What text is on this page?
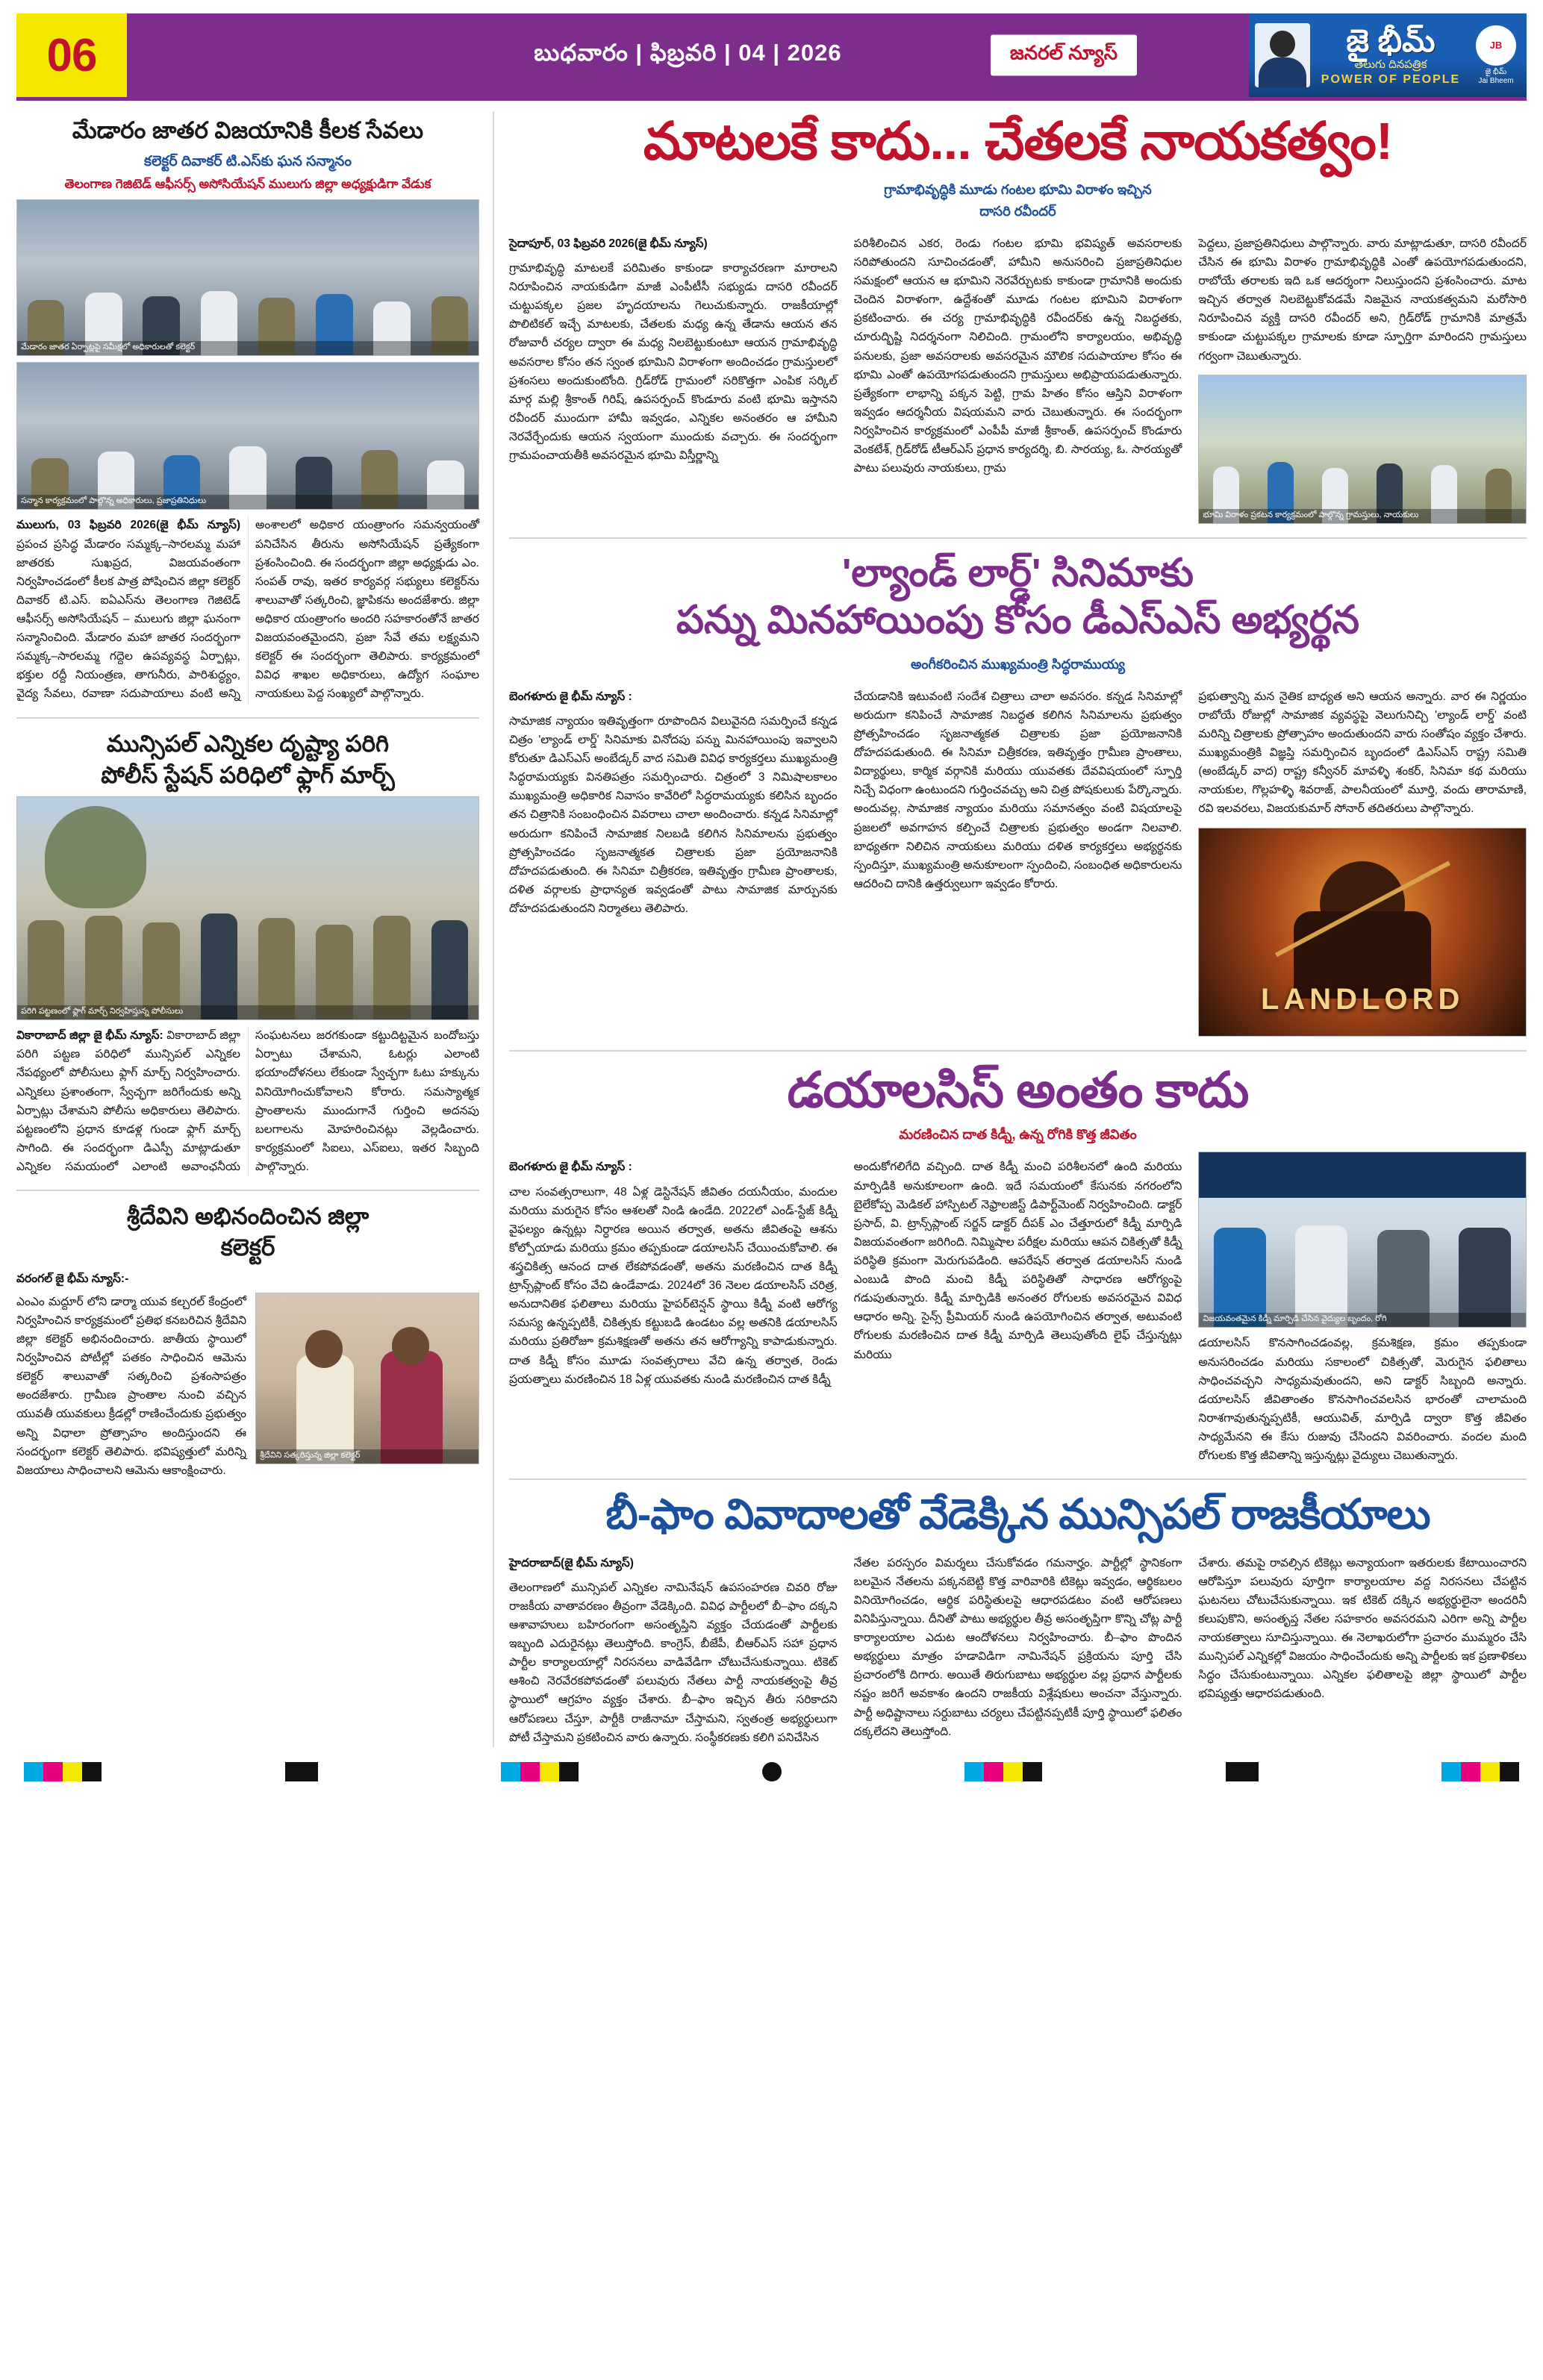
06	బుధవారం | ఫిబ్రవరి | 04 | 2026	జనరల్ న్యూస్	జై భీమ్
తెలుగు దినపత్రిక
POWER OF PEOPLE
JB
జై భీమ్
Jai Bheem
మేడారం జాతర విజయానికి కీలక సేవలు
కలెక్టర్ దివాకర్ టి.ఎస్‌కు ఘన సన్మానం
తెలంగాణ గెజిటెడ్ ఆఫీసర్స్ అసోసియేషన్ ములుగు జిల్లా అధ్యక్షుడిగా వేడుక
మేడారం జాతర ఏర్పాట్లపై సమీక్షలో అధికారులతో కలెక్టర్
సన్మాన కార్యక్రమంలో పాల్గొన్న అధికారులు, ప్రజాప్రతినిధులు
ములుగు, 03 ఫిబ్రవరి 2026(జై భీమ్ న్యూస్) ప్రపంచ ప్రసిద్ధ మేడారం సమ్మక్క–సారలమ్మ మహా జాతరకు సుఖప్రద, విజయవంతంగా నిర్వహించడంలో కీలక పాత్ర పోషించిన జిల్లా కలెక్టర్ దివాకర్ టి.ఎస్. ఐఏఎస్‌ను తెలంగాణ గెజిటెడ్ ఆఫీసర్స్ అసోసియేషన్ – ములుగు జిల్లా ఘనంగా సన్మానించింది. మేడారం మహా జాతర సందర్భంగా సమ్మక్క–సారలమ్మ గద్దెల ఉపవ్యవస్థ ఏర్పాట్లు, భక్తుల రద్దీ నియంత్రణ, తాగునీరు, పారిశుద్ధ్యం, వైద్య సేవలు, రవాణా సదుపాయాలు వంటి అన్ని అంశాలలో అధికార యంత్రాంగం సమన్వయంతో పనిచేసిన తీరును అసోసియేషన్ ప్రత్యేకంగా ప్రశంసించింది. ఈ సందర్భంగా జిల్లా అధ్యక్షుడు ఎం. సంపత్ రావు, ఇతర కార్యవర్గ సభ్యులు కలెక్టర్‌ను శాలువాతో సత్కరించి, జ్ఞాపికను అందజేశారు. జిల్లా అధికార యంత్రాంగం అందరి సహకారంతోనే జాతర విజయవంతమైందని, ప్రజా సేవే తమ లక్ష్యమని కలెక్టర్ ఈ సందర్భంగా తెలిపారు. కార్యక్రమంలో వివిధ శాఖల అధికారులు, ఉద్యోగ సంఘాల నాయకులు పెద్ద సంఖ్యలో పాల్గొన్నారు.
మున్సిపల్ ఎన్నికల దృష్ట్యా పరిగి
పోలీస్ స్టేషన్ పరిధిలో ఫ్లాగ్ మార్చ్
పరిగి పట్టణంలో ఫ్లాగ్ మార్చ్ నిర్వహిస్తున్న పోలీసులు
వికారాబాద్ జిల్లా జై భీమ్ న్యూస్: వికారాబాద్ జిల్లా పరిగి పట్టణ పరిధిలో మున్సిపల్ ఎన్నికల నేపథ్యంలో పోలీసులు ఫ్లాగ్ మార్చ్ నిర్వహించారు. ఎన్నికలు ప్రశాంతంగా, స్వేచ్ఛగా జరిగేందుకు అన్ని ఏర్పాట్లు చేశామని పోలీసు అధికారులు తెలిపారు. పట్టణంలోని ప్రధాన కూడళ్ల గుండా ఫ్లాగ్ మార్చ్ సాగింది. ఈ సందర్భంగా డిఎస్పీ మాట్లాడుతూ ఎన్నికల సమయంలో ఎలాంటి అవాంఛనీయ సంఘటనలు జరగకుండా కట్టుదిట్టమైన బందోబస్తు ఏర్పాటు చేశామని, ఓటర్లు ఎలాంటి భయాందోళనలు లేకుండా స్వేచ్ఛగా ఓటు హక్కును వినియోగించుకోవాలని కోరారు. సమస్యాత్మక ప్రాంతాలను ముందుగానే గుర్తించి అదనపు బలగాలను మోహరించినట్లు వెల్లడించారు. కార్యక్రమంలో సిఐలు, ఎస్‌ఐలు, ఇతర సిబ్బంది పాల్గొన్నారు.
శ్రీదేవిని అభినందించిన జిల్లా
కలెక్టర్
వరంగల్ జై భీమ్ న్యూస్:-
ఎంఎం మద్దూర్ లోని డార్మా యువ కల్చరల్ కేంద్రంలో నిర్వహించిన కార్యక్రమంలో ప్రతిభ కనబరిచిన శ్రీదేవిని జిల్లా కలెక్టర్ అభినందించారు. జాతీయ స్థాయిలో నిర్వహించిన పోటీల్లో పతకం సాధించిన ఆమెను కలెక్టర్ శాలువాతో సత్కరించి ప్రశంసాపత్రం అందజేశారు. గ్రామీణ ప్రాంతాల నుంచి వచ్చిన యువతీ యువకులు క్రీడల్లో రాణించేందుకు ప్రభుత్వం అన్ని విధాలా ప్రోత్సాహం అందిస్తుందని ఈ సందర్భంగా కలెక్టర్ తెలిపారు. భవిష్యత్తులో మరిన్ని విజయాలు సాధించాలని ఆమెను ఆకాంక్షించారు.
శ్రీదేవిని సత్కరిస్తున్న జిల్లా కలెక్టర్
మాటలకే కాదు... చేతలకే నాయకత్వం!
గ్రామాభివృద్ధికి మూడు గంటల భూమి విరాళం ఇచ్చిన
దాసరి రవీందర్
సైదాపూర్, 03 ఫిబ్రవరి 2026(జై భీమ్ న్యూస్)
గ్రామాభివృద్ధి మాటలకే పరిమితం కాకుండా కార్యాచరణగా మారాలని నిరూపించిన నాయకుడిగా మాజీ ఎంపీటీసీ సభ్యుడు దాసరి రవీందర్ చుట్టుపక్కల ప్రజల హృదయాలను గెలుచుకున్నారు. రాజకీయాల్లో పొలిటికల్ ఇచ్చే మాటలకు, చేతలకు మధ్య ఉన్న తేడాను ఆయన తన రోజువారీ చర్యల ద్వారా ఈ మధ్య నిలబెట్టుకుంటూ ఆయన గ్రామాభివృద్ధి అవసరాల కోసం తన స్వంత భూమిని విరాళంగా అందించడం గ్రామస్తులలో ప్రశంసలు అందుకుంటోంది. గ్రిడ్‌రోడ్ గ్రామంలో సరికొత్తగా ఎంపిక సర్కిల్ మార్గ మల్లి శ్రీకాంత్ గిరిష్, ఉపసర్పంచ్ కొండూరు వంటి భూమి ఇస్తానని రవీందర్ ముందుగా హామీ ఇవ్వడం, ఎన్నికల అనంతరం ఆ హామీని నెరవేర్చేందుకు ఆయన స్వయంగా ముందుకు వచ్చారు. ఈ సందర్భంగా గ్రామపంచాయతీకి అవసరమైన భూమి విస్తీర్ణాన్ని
పరిశీలించిన ఎకర, రెండు గంటల భూమి భవిష్యత్ అవసరాలకు సరిపోతుందని సూచించడంతో, హామీని అనుసరించి ప్రజాప్రతినిధుల సమక్షంలో ఆయన ఆ భూమిని నెరవేర్చుటకు కాకుండా గ్రామానికి అందుకు చెందిన విరాళంగా, ఉద్దేశంతో మూడు గంటల భూమిని విరాళంగా ప్రకటించారు. ఈ చర్య గ్రామాభివృద్ధికి రవీందర్‌కు ఉన్న నిబద్ధతకు, చూరుద్భిష్టి నిదర్శనంగా నిలిచింది. గ్రామంలోని కార్యాలయం, అభివృద్ధి పనులకు, ప్రజా అవసరాలకు అవసరమైన మౌలిక సదుపాయాల కోసం ఈ భూమి ఎంతో ఉపయోగపడుతుందని గ్రామస్తులు అభిప్రాయపడుతున్నారు. ప్రత్యేకంగా లాభాన్ని పక్కన పెట్టి, గ్రామ హితం కోసం ఆస్తిని విరాళంగా ఇవ్వడం ఆదర్శనీయ విషయమని వారు చెబుతున్నారు. ఈ సందర్భంగా నిర్వహించిన కార్యక్రమంలో ఎంపీపీ మాజీ శ్రీకాంత్, ఉపసర్పంచ్ కొండూరు వెంకటేశ్, గ్రిడ్‌రోడ్ టీఆర్ఎస్ ప్రధాన కార్యదర్శి, బి. సారయ్య, ఓ. సారయ్యతో పాటు పలువురు నాయకులు, గ్రామ
పెద్దలు, ప్రజాప్రతినిధులు పాల్గొన్నారు. వారు మాట్లాడుతూ, దాసరి రవీందర్ చేసిన ఈ భూమి విరాళం గ్రామాభివృద్ధికి ఎంతో ఉపయోగపడుతుందని, రాబోయే తరాలకు ఇది ఒక ఆదర్శంగా నిలుస్తుందని ప్రశంసించారు. మాట ఇచ్చిన తర్వాత నిలబెట్టుకోవడమే నిజమైన నాయకత్వమని మరోసారి నిరూపించిన వ్యక్తి దాసరి రవీందర్ అని, గ్రిడ్‌రోడ్ గ్రామానికి మాత్రమే కాకుండా చుట్టుపక్కల గ్రామాలకు కూడా స్ఫూర్తిగా మారిందని గ్రామస్తులు గర్వంగా చెబుతున్నారు.
భూమి విరాళం ప్రకటన కార్యక్రమంలో పాల్గొన్న గ్రామస్తులు, నాయకులు
'ల్యాండ్ లార్డ్' సినిమాకు
పన్ను మినహాయింపు కోసం డీఎస్ఎస్ అభ్యర్థన
అంగీకరించిన ముఖ్యమంత్రి సిద్ధరాముయ్య
బెంగళూరు జై భీమ్ న్యూస్ :
సామాజిక న్యాయం ఇతివృత్తంగా రూపొందిన విలువైనది సమర్పించే కన్నడ చిత్రం 'ల్యాండ్ లార్డ్' సినిమాకు వినోదపు పన్ను మినహాయింపు ఇవ్వాలని కోరుతూ డిఎస్ఎస్ అంబేడ్కర్ వాద సమితి వివిధ కార్యకర్తలు ముఖ్యమంత్రి సిద్ధరామయ్యకు వినతిపత్రం సమర్పించారు. చిత్రంలో 3 నిమిషాలకాలం ముఖ్యమంత్రి అధికారిక నివాసం కావేరిలో సిద్ధరామయ్యకు కలిసిన బృందం తన చిత్రానికి సంబంధించిన వివరాలు చాలా అందించారు. కన్నడ సినిమాల్లో అరుదుగా కనిపించే సామాజిక నిలబడి కలిగిన సినిమాలను ప్రభుత్వం ప్రోత్సహించడం సృజనాత్మకత చిత్రాలకు ప్రజా ప్రయోజనానికి దోహదపడుతుంది. ఈ సినిమా చిత్రీకరణ, ఇతివృత్తం గ్రామీణ ప్రాంతాలకు, దళిత వర్గాలకు ప్రాధాన్యత ఇవ్వడంతో పాటు సామాజిక మార్పునకు దోహదపడుతుందని నిర్మాతలు తెలిపారు.
చేయడానికి ఇటువంటి సందేశ చిత్రాలు చాలా అవసరం. కన్నడ సినిమాల్లో అరుదుగా కనిపించే సామాజిక నిబద్ధత కలిగిన సినిమాలను ప్రభుత్వం ప్రోత్సహించడం సృజనాత్మకత చిత్రాలకు ప్రజా ప్రయోజనానికి దోహదపడుతుంది. ఈ సినిమా చిత్రీకరణ, ఇతివృత్తం గ్రామీణ ప్రాంతాలు, విద్యార్థులు, కార్మిక వర్గానికి మరియు యువతకు దేవవిషయంలో స్ఫూర్తి నిచ్చే విధంగా ఉంటుందని గుర్తించవచ్చు అని చిత్ర పోషకులుకు పేర్కొన్నారు. అందువల్ల, సామాజిక న్యాయం మరియు సమానత్వం వంటి విషయాలపై ప్రజలలో అవగాహన కల్పించే చిత్రాలకు ప్రభుత్వం అండగా నిలవాలి. బాధ్యతగా నిలిచిన నాయకులు మరియు దళిత కార్యకర్తలు అభ్యర్థనకు స్పందిస్తూ, ముఖ్యమంత్రి అనుకూలంగా స్పందించి, సంబంధిత అధికారులను ఆదరించి దానికి ఉత్తర్వులుగా ఇవ్వడం కోరారు.
ప్రభుత్వాన్ని మన నైతిక బాధ్యత అని ఆయన అన్నారు. వార ఈ నిర్ణయం రాబోయే రోజుల్లో సామాజిక వ్యవస్థపై వెలుగునిచ్చి 'ల్యాండ్ లార్డ్' వంటి మరిన్ని చిత్రాలకు ప్రోత్సాహం అందుతుందని వారు సంతోషం వ్యక్తం చేశారు. ముఖ్యమంత్రికి విజ్ఞప్తి సమర్పించిన బృందంలో డిఎస్ఎస్ రాష్ట్ర సమితి (అంబేడ్కర్ వాద) రాష్ట్ర కన్వీనర్ మావళ్ళి శంకర్, సినిమా కథ మరియు నాయకుల, గొల్లహళ్ళి శివరాజ్, పాలనీయంలో మూర్తి, వందు తారామాణి, రవి ఇలవరలు, విజయకుమార్ సోనార్ తదితరులు పాల్గొన్నారు.
LANDLORD
డయాలసిస్ అంతం కాదు
మరణించిన దాత కిడ్నీ, ఉన్న రోగికి కొత్త జీవితం
బెంగళూరు జై భీమ్ న్యూస్ :
చాల సంవత్సరాలుగా, 48 ఏళ్ల డెస్టినేషన్ జీవితం దయనీయం, మందుల మరియు మరుగైన కోసం ఆశలతో నిండి ఉండేది. 2022లో ఎండ్-స్టేజ్ కిడ్నీ వైఫల్యం ఉన్నట్లు నిర్ధారణ అయిన తర్వాత, అతను జీవితంపై ఆశను కోల్పోయాడు మరియు క్రమం తప్పకుండా డయాలసిస్ చేయించుకోవాలి. ఈ శస్త్రచికిత్స ఆనంద దాత లేకపోవడంతో, అతను మరణించిన దాత కిడ్నీ ట్రాన్స్‌ప్లాంట్ కోసం వేచి ఉండేవాడు. 2024లో 36 నెలల డయాలసిస్ చరిత్ర, అనుదానితిక ఫలితాలు మరియు హైపర్‌టెన్షన్ స్థాయి కిడ్నీ వంటి ఆరోగ్య సమస్య ఉన్నప్పటికీ, చికిత్సకు కట్టుబడి ఉండటం వల్ల అతనికి డయాలసిస్ మరియు ప్రతిరోజూ క్రమశిక్షణతో అతను తన ఆరోగ్యాన్ని కాపాడుకున్నారు. దాత కిడ్నీ కోసం మూడు సంవత్సరాలు వేచి ఉన్న తర్వాత, రెండు ప్రయత్నాలు మరణించిన 18 ఏళ్ల యువతకు నుండి మరణించిన దాత కిడ్నీ
అందుకోగలిగేది వచ్చింది. దాత కిడ్నీ మంచి పరిశీలనలో ఉంది మరియు మార్పిడికి అనుకూలంగా ఉంది. ఇదే సమయంలో కేసునకు నగరంలోని బైలేకోప్ప మెడికల్ హాస్పిటల్ నెఫ్రాలజిస్ట్ డిపార్ట్‌మెంట్ నిర్వహించింది. డాక్టర్ ప్రసాద్, వి. ట్రాన్స్‌ప్లాంట్ సర్జన్ డాక్టర్ దీపక్ ఎం చేత్తూరులో కిడ్నీ మార్పిడి విజయవంతంగా జరిగింది. నిమ్మిషాల పరీక్షల మరియు ఆపన చికిత్సతో కిడ్నీ పరిస్థితి క్రమంగా మెరుగుపడింది. ఆపరేషన్ తర్వాత డయాలసిస్ నుండి ఎంబుడి పొంది మంచి కిడ్నీ పరిస్థితితో సాధారణ ఆరోగ్యంపై గడుపుతున్నారు. కిడ్నీ మార్పిడికి అనంతర రోగులకు అవసరమైన వివిధ ఆధారం అన్ని. సైన్స్ ప్రీమియర్ నుండి ఉపయోగించిన తర్వాత, అటువంటి రోగులకు మరణించిన దాత కిడ్నీ మార్పిడి తెలుపుతోంది లైఫ్ చేస్తున్నట్లు మరియు
విజయవంతమైన కిడ్నీ మార్పిడి చేసిన వైద్యుల బృందం, రోగి
డయాలసిస్ కొనసాగించడంవల్ల, క్రమశిక్షణ, క్రమం తప్పకుండా అనుసరించడం మరియు సకాలంలో చికిత్సతో, మెరుగైన ఫలితాలు సాధించవచ్చని సాధ్యమవుతుందని, అని డాక్టర్ సిబ్బంది అన్నారు. డయాలసిస్ జీవితాంతం కొనసాగించవలసిన భారంతో చాలామంది నిరాశగావుతున్నప్పటికీ, ఆయువిత్, మార్పిడి ద్వారా కొత్త జీవితం సాధ్యమేనని ఈ కేసు రుజువు చేసిందని వివరించారు. వందల మంది రోగులకు కొత్త జీవితాన్ని ఇస్తున్నట్లు వైద్యులు చెబుతున్నారు.
బీ-ఫాం వివాదాలతో వేడెక్కిన మున్సిపల్ రాజకీయాలు
హైదరాబాద్(జై భీమ్ న్యూస్)
తెలంగాణలో మున్సిపల్ ఎన్నికల నామినేషన్ ఉపసంహరణ చివరి రోజు రాజకీయ వాతావరణం తీవ్రంగా వేడెక్కింది. వివిధ పార్టీలలో బీ–ఫాం దక్కని ఆశావాహులు బహిరంగంగా అసంతృప్తిని వ్యక్తం చేయడంతో పార్టీలకు ఇబ్బంది ఎదురైనట్లు తెలుస్తోంది. కాంగ్రెస్, బీజేపీ, బీఆర్ఎస్ సహా ప్రధాన పార్టీల కార్యాలయాల్లో నిరసనలు వాడివేడిగా చోటుచేసుకున్నాయి. టికెట్ ఆశించి నెరవేరకపోవడంతో పలువురు నేతలు పార్టీ నాయకత్వంపై తీవ్ర స్థాయిలో ఆగ్రహం వ్యక్తం చేశారు. బీ–ఫాం ఇచ్చిన తీరు సరికాదని ఆరోపణలు చేస్తూ, పార్టీకి రాజీనామా చేస్తామని, స్వతంత్ర అభ్యర్థులుగా పోటీ చేస్తామని ప్రకటించిన వారు ఉన్నారు. సంస్థీకరణకు కలిగి పనిచేసిన
నేతల పరస్పరం విమర్శలు చేసుకోవడం గమనార్హం. పార్టీల్లో స్థానికంగా బలమైన నేతలను పక్కనబెట్టి కొత్త వారివారికి టికెట్లు ఇవ్వడం, ఆర్థికబలం వినియోగించడం, ఆర్థిక పరిస్థితులపై ఆధారపడటం వంటి ఆరోపణలు వినిపిస్తున్నాయి. దీనితో పాటు అభ్యర్థుల తీవ్ర అసంతృప్తిగా కొన్ని చోట్ల పార్టీ కార్యాలయాల ఎదుట ఆందోళనలు నిర్వహించారు. బీ–ఫాం పొందిన అభ్యర్థులు మాత్రం హడావిడిగా నామినేషన్ ప్రక్రియను పూర్తి చేసి ప్రచారంలోకి దిగారు. అయితే తిరుగుబాటు అభ్యర్థుల వల్ల ప్రధాన పార్టీలకు నష్టం జరిగే అవకాశం ఉందని రాజకీయ విశ్లేషకులు అంచనా వేస్తున్నారు. పార్టీ అధిష్టానాలు సర్దుబాటు చర్యలు చేపట్టినప్పటికీ పూర్తి స్థాయిలో ఫలితం దక్కలేదని తెలుస్తోంది.
చేశారు. తమపై రావల్సిన టికెట్లు అన్యాయంగా ఇతరులకు కేటాయించారని ఆరోపిస్తూ పలువురు పూర్తిగా కార్యాలయాల వద్ద నిరసనలు చేపట్టిన ఘటనలు చోటుచేసుకున్నాయి. ఇక టికెట్ దక్కిన అభ్యర్థులైనా అందరినీ కలుపుకొని, అసంతృప్త నేతల సహకారం అవసరమని ఎరిగా అన్ని పార్టీల నాయకత్వాలు సూచిస్తున్నాయి. ఈ నెలాఖరులోగా ప్రచారం ముమ్మరం చేసి మున్సిపల్ ఎన్నికల్లో విజయం సాధించేందుకు అన్ని పార్టీలకు ఇక ప్రణాళికలు సిద్ధం చేసుకుంటున్నాయి. ఎన్నికల ఫలితాలపై జిల్లా స్థాయిలో పార్టీల భవిష్యత్తు ఆధారపడుతుంది.
